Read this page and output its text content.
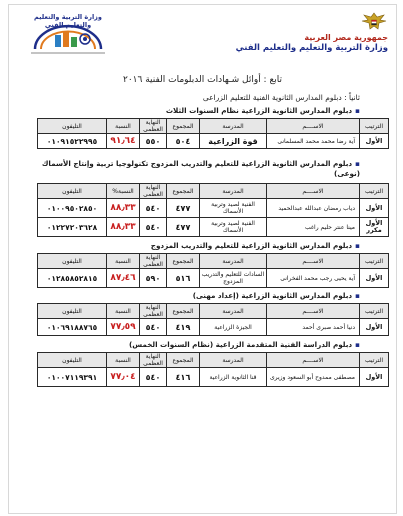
جمهورية مصر العربية
وزارة التربية والتعليم والتعليم الفني
وزارة التربية والتعليم والتعليم الفني
تابع : أوائل شـهادات الدبلومات الفنية ٢٠١٦
ثانياً : دبلوم المدارس الثانوية الفنية للتعليم الزراعى
▪دبلوم المدارس الثانوية الزراعية نظام السنوات الثلاث
الترتيب	الاســــم	المدرسة	المجموع	النهاية العظمى	النسبة	التليفون
الأول	آية رضا محمد محمد المسلمانى	قوة الزراعية	٥٠٤	٥٥٠	٩١٫٦٤	٠١٠٩١٥٢٢٩٩٥
▪دبلوم المدارس الثانوية الزراعية للتعليم والتدريب المزدوج تكنولوجيا تربية وإنتاج الأسماك (نوعى)
الترتيب	الاســــم	المدرسة	المجموع	النهاية العظمى	النسبة%	التليفون
الأول	دياب رمضان عبدالله عبدالحميد	الفنية لصيد وتربية الأسماك	٤٧٧	٥٤٠	٨٨٫٣٣	٠١٠٠٩٥٠٢٨٥٠
الأول مكرر	مينا عنتر حليم راغب	الفنية لصيد وتربية الأسماك	٤٧٧	٥٤٠	٨٨٫٣٣	٠١٢٢٧٢٠٣٦٢٨
▪دبلوم المدارس الثانوية الزراعية للتعليم والتدريب المزدوج
الترتيب	الاســــم	المدرسة	المجموع	النهاية العظمى	النسبة	التليفون
الأول	آية يحيى رجب محمد الفخرانى	السادات للتعليم والتدريب المزدوج	٥١٦	٥٩٠	٨٧٫٤٦	٠١٢٨٥٨٥٢٨١٥
▪دبلوم المدارس الثانوية الزراعية (إعداد مهنى)
الترتيب	الاســــم	المدرسة	المجموع	النهاية العظمى	النسبة	التليفون
الأول	دنيا أحمد صبرى أحمد	الجيزة الزراعية	٤١٩	٥٤٠	٧٧٫٥٩	٠١٠٦٩١٨٨٧٦٥
▪دبلوم الدراسة الفنية المتقدمة الزراعية (نظام السنوات الخمس)
الترتيب	الاســــم	المدرسة	المجموع	النهاية العظمى	النسبة	التليفون
الأول	مصطفى ممدوح أبو السعود وزيرى	قنا الثانوية الزراعية	٤١٦	٥٤٠	٧٧٫٠٤	٠١٠٠٧١١٩٣٩١
